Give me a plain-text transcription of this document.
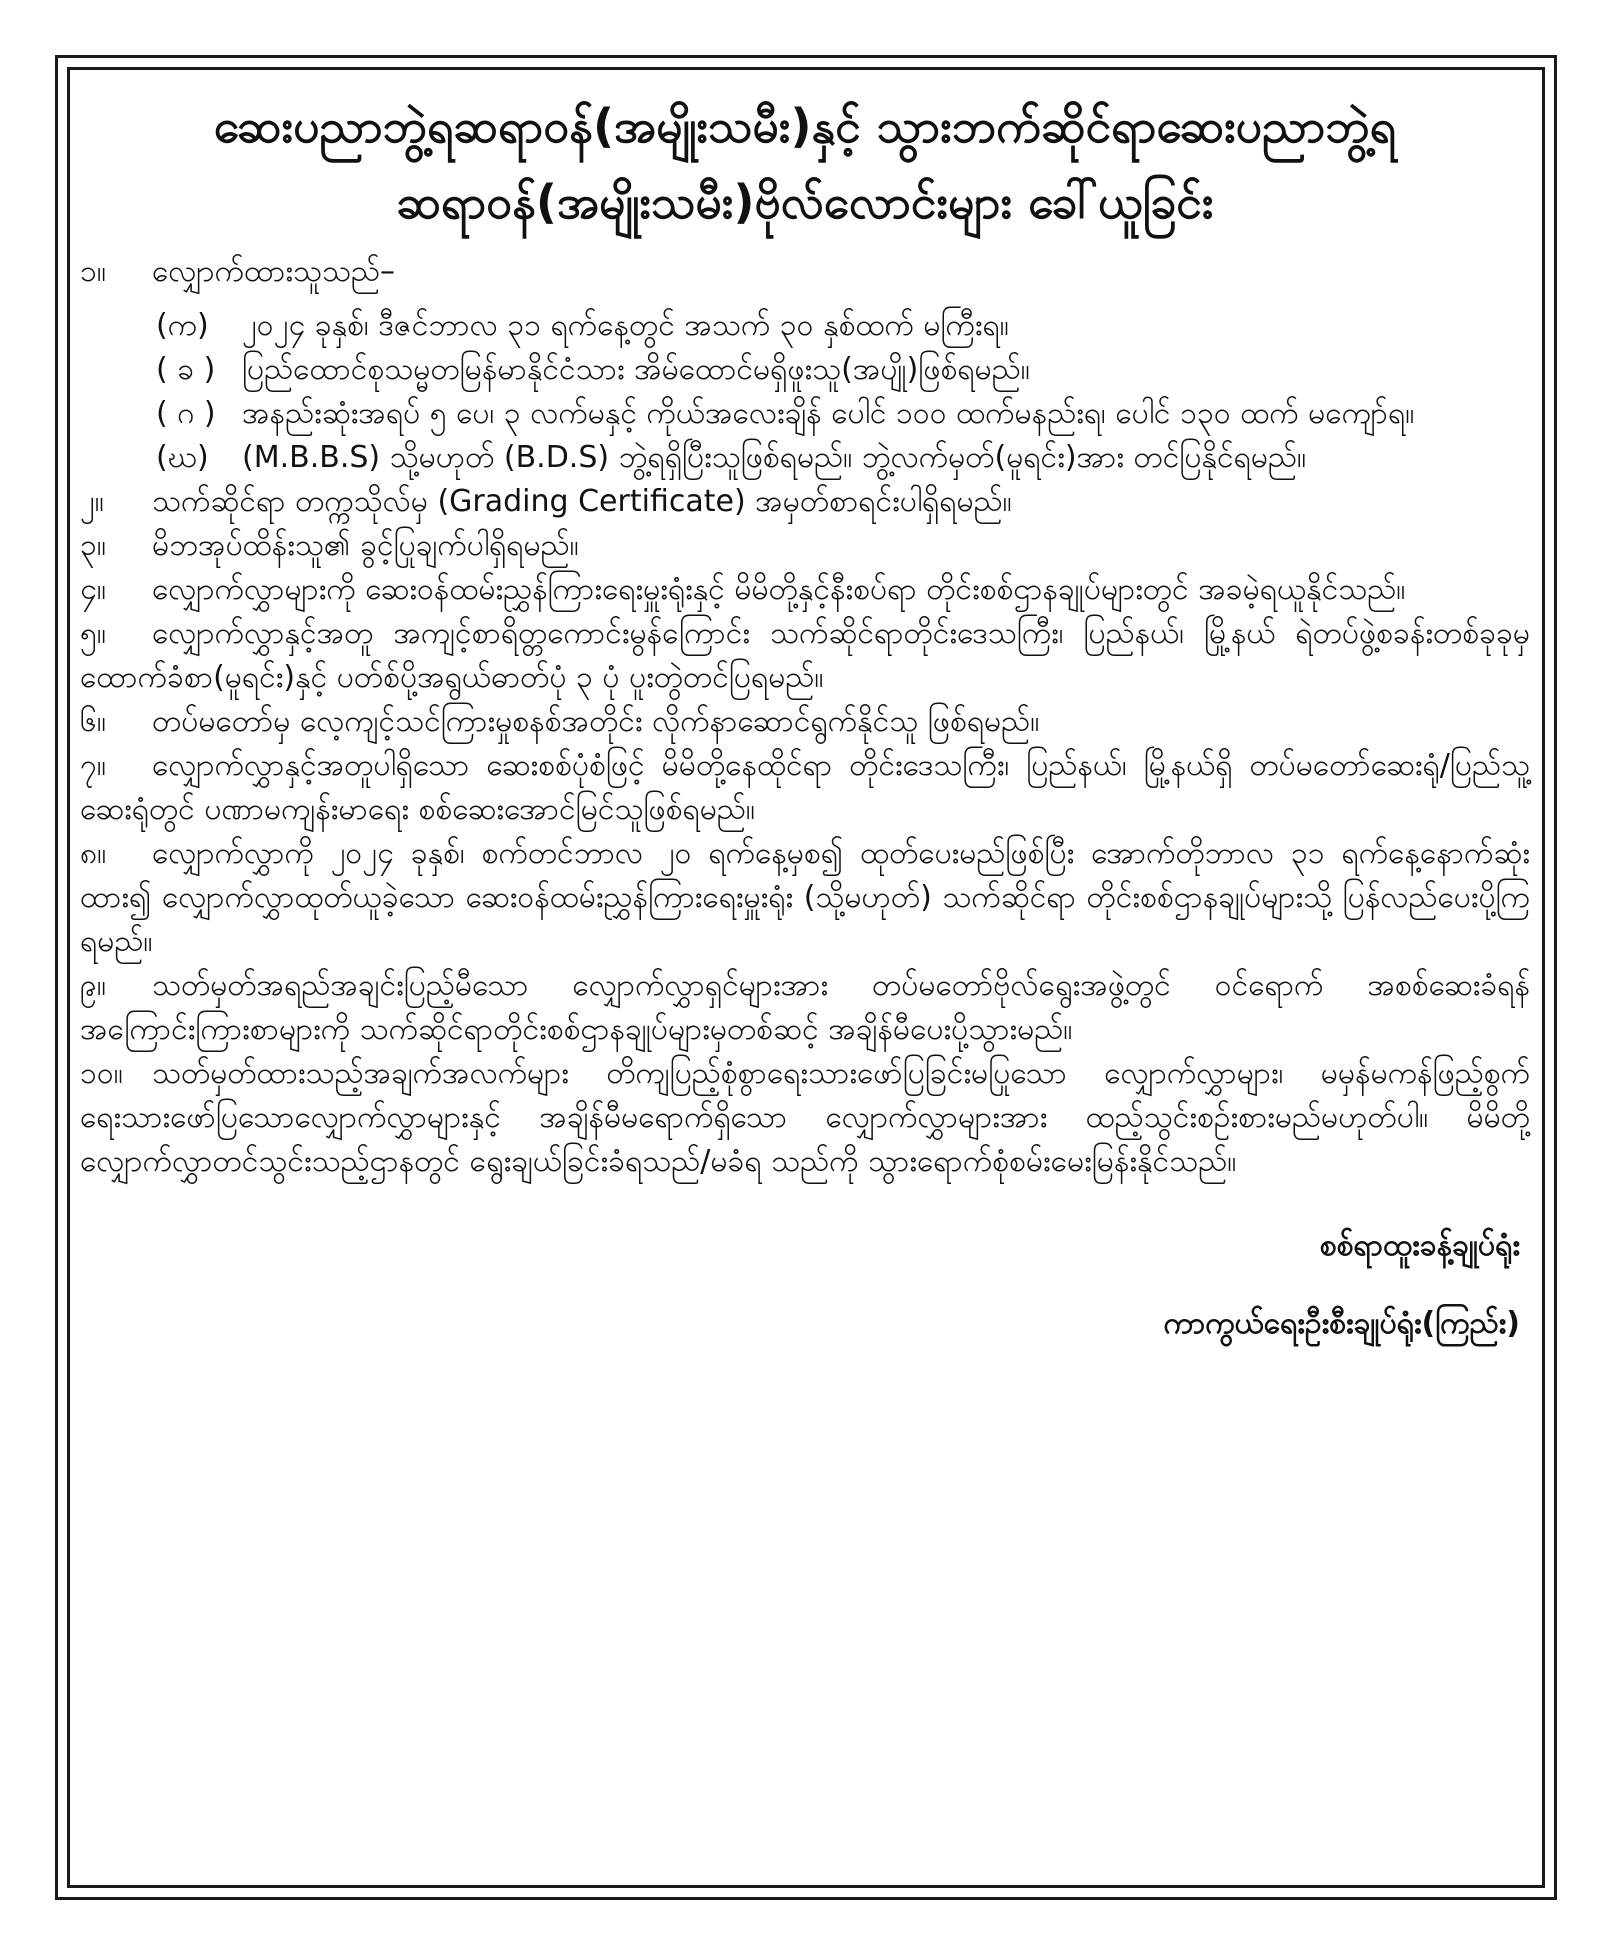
ဆေးပညာဘွဲ့ရဆရာဝန်(အမျိုးသမီး)နှင့် သွားဘက်ဆိုင်ရာဆေးပညာဘွဲ့ရ
ဆရာဝန်(အမျိုးသမီး)ဗိုလ်လောင်းများ ခေါ်ယူခြင်း

၁။ လျှောက်ထားသူသည်–

(က)	၂၀၂၄ ခုနှစ်၊ ဒီဇင်ဘာလ ၃၁ ရက်နေ့တွင် အသက် ၃၀ နှစ်ထက် မကြီးရ။
( ခ ) ပြည်ထောင်စုသမ္မတမြန်မာနိုင်ငံသား အိမ်ထောင်မရှိဖူးသူ(အပျို)ဖြစ်ရမည်။
( ဂ ) အနည်းဆုံးအရပ် ၅ ပေ၊ ၃ လက်မနှင့် ကိုယ်အလေးချိန် ပေါင် ၁၀၀ ထက်မနည်းရ၊ ပေါင် ၁၃၀ ထက် မကျော်ရ။
(ဃ)	(M.B.B.S) သို့မဟုတ် (B.D.S) ဘွဲ့ရရှိပြီးသူဖြစ်ရမည်။ ဘွဲ့လက်မှတ်(မူရင်း)အား တင်ပြနိုင်ရမည်။

၂။ သက်ဆိုင်ရာ တက္ကသိုလ်မှ (Grading Certificate) အမှတ်စာရင်းပါရှိရမည်။

၃။ မိဘအုပ်ထိန်းသူ၏ ခွင့်ပြုချက်ပါရှိရမည်။

၄။ လျှောက်လွှာများကို ဆေးဝန်ထမ်းညွှန်ကြားရေးမှူးရုံးနှင့် မိမိတို့နှင့်နီးစပ်ရာ တိုင်းစစ်ဌာနချုပ်များတွင် အခမဲ့ရယူနိုင်သည်။

၅။ လျှောက်လွှာနှင့်အတူ အကျင့်စာရိတ္တကောင်းမွန်ကြောင်း သက်ဆိုင်ရာတိုင်းဒေသကြီး၊ ပြည်နယ်၊ မြို့နယ် ရဲတပ်ဖွဲ့စခန်းတစ်ခုခုမှ ထောက်ခံစာ(မူရင်း)နှင့် ပတ်စ်ပို့အရွယ်ဓာတ်ပုံ ၃ ပုံ ပူးတွဲတင်ပြရမည်။

၆။ တပ်မတော်မှ လေ့ကျင့်သင်ကြားမှုစနစ်အတိုင်း လိုက်နာဆောင်ရွက်နိုင်သူ ဖြစ်ရမည်။

၇။ လျှောက်လွှာနှင့်အတူပါရှိသော ဆေးစစ်ပုံစံဖြင့် မိမိတို့နေထိုင်ရာ တိုင်းဒေသကြီး၊ ပြည်နယ်၊ မြို့နယ်ရှိ တပ်မတော်ဆေးရုံ/ပြည်သူ့ဆေးရုံတွင် ပဏာမကျန်းမာရေး စစ်ဆေးအောင်မြင်သူဖြစ်ရမည်။

၈။ လျှောက်လွှာကို ၂၀၂၄ ခုနှစ်၊ စက်တင်ဘာလ ၂၀ ရက်နေ့မှစ၍ ထုတ်ပေးမည်ဖြစ်ပြီး အောက်တိုဘာလ ၃၁ ရက်နေ့နောက်ဆုံးထား၍ လျှောက်လွှာထုတ်ယူခဲ့သော ဆေးဝန်ထမ်းညွှန်ကြားရေးမှူးရုံး (သို့မဟုတ်) သက်ဆိုင်ရာ တိုင်းစစ်ဌာနချုပ်များသို့ ပြန်လည်ပေးပို့ကြရမည်။

၉။ သတ်မှတ်အရည်အချင်းပြည့်မီသော လျှောက်လွှာရှင်များအား တပ်မတော်ဗိုလ်ရွေးအဖွဲ့တွင် ဝင်ရောက် အစစ်ဆေးခံရန် အကြောင်းကြားစာများကို သက်ဆိုင်ရာတိုင်းစစ်ဌာနချုပ်များမှတစ်ဆင့် အချိန်မီပေးပို့သွားမည်။

၁၀။ သတ်မှတ်ထားသည့်အချက်အလက်များ တိကျပြည့်စုံစွာရေးသားဖော်ပြခြင်းမပြုသော လျှောက်လွှာများ၊ မမှန်မကန်ဖြည့်စွက်ရေးသားဖော်ပြသောလျှောက်လွှာများနှင့် အချိန်မီမရောက်ရှိသော လျှောက်လွှာများအား ထည့်သွင်းစဉ်းစားမည်မဟုတ်ပါ။ မိမိတို့ လျှောက်လွှာတင်သွင်းသည့်ဌာနတွင် ရွေးချယ်ခြင်းခံရသည်/မခံရ သည်ကို သွားရောက်စုံစမ်းမေးမြန်းနိုင်သည်။

စစ်ရာထူးခန့်ချုပ်ရုံး
ကာကွယ်ရေးဦးစီးချုပ်ရုံး(ကြည်း)
